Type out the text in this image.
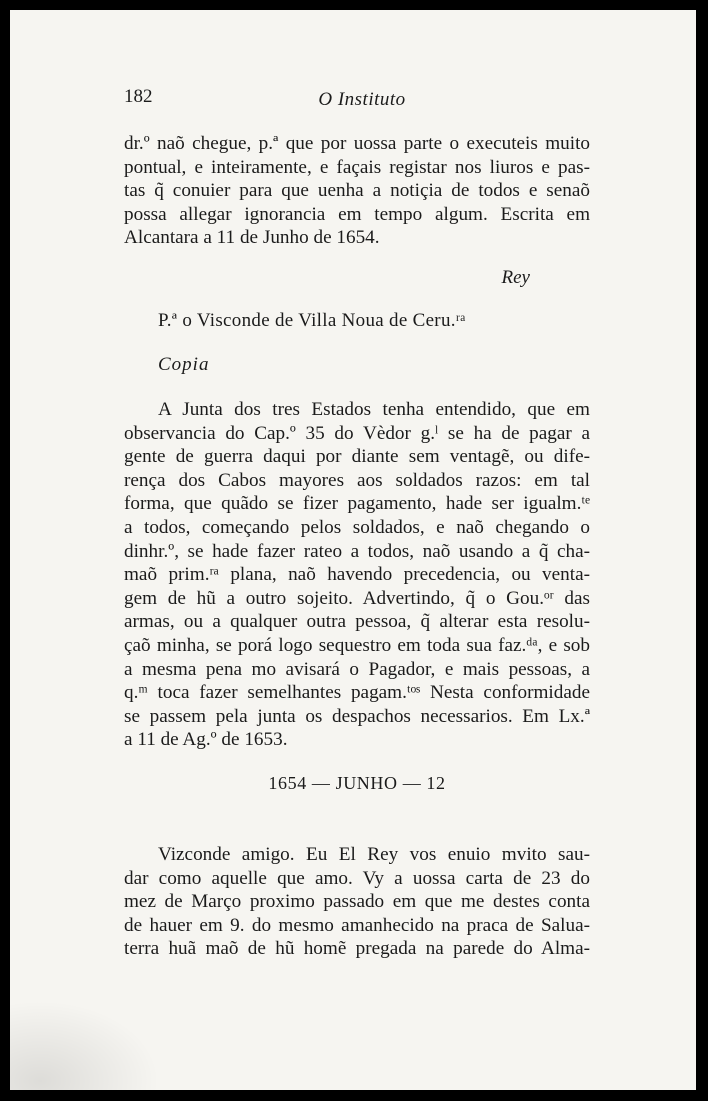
182	O Instituto
dr.º naõ chegue, p.ª que por uossa parte o executeis muito
pontual, e inteiramente, e façais registar nos liuros e pas-
tas q̃ conuier para que uenha a notiçia de todos e senaõ
possa allegar ignorancia em tempo algum. Escrita em
Alcantara a 11 de Junho de 1654.
Rey
P.ª o Visconde de Villa Noua de Ceru.ʳᵃ
Copia
A Junta dos tres Estados tenha entendido, que em
observancia do Cap.º 35 do Vèdor g.ˡ se ha de pagar a
gente de guerra daqui por diante sem ventagẽ, ou dife-
rença dos Cabos mayores aos soldados razos: em tal
forma, que quãdo se fizer pagamento, hade ser igualm.ᵗᵉ
a todos, começando pelos soldados, e naõ chegando o
dinhr.º, se hade fazer rateo a todos, naõ usando a q̃ cha-
maõ prim.ʳᵃ plana, naõ havendo precedencia, ou venta-
gem de hũ a outro sojeito. Advertindo, q̃ o Gou.ᵒʳ das
armas, ou a qualquer outra pessoa, q̃ alterar esta resolu-
çaõ minha, se porá logo sequestro em toda sua faz.ᵈᵃ, e sob
a mesma pena mo avisará o Pagador, e mais pessoas, a
q.ᵐ toca fazer semelhantes pagam.ᵗᵒˢ Nesta conformidade
se passem pela junta os despachos necessarios. Em Lx.ª
a 11 de Ag.º de 1653.
1654 — JUNHO — 12
Vizconde amigo. Eu El Rey vos enuio mvito sau-
dar como aquelle que amo. Vy a uossa carta de 23 do
mez de Março proximo passado em que me destes conta
de hauer em 9. do mesmo amanhecido na praca de Saluа-
terra huã maõ de hũ homẽ pregada na parede do Alma-
